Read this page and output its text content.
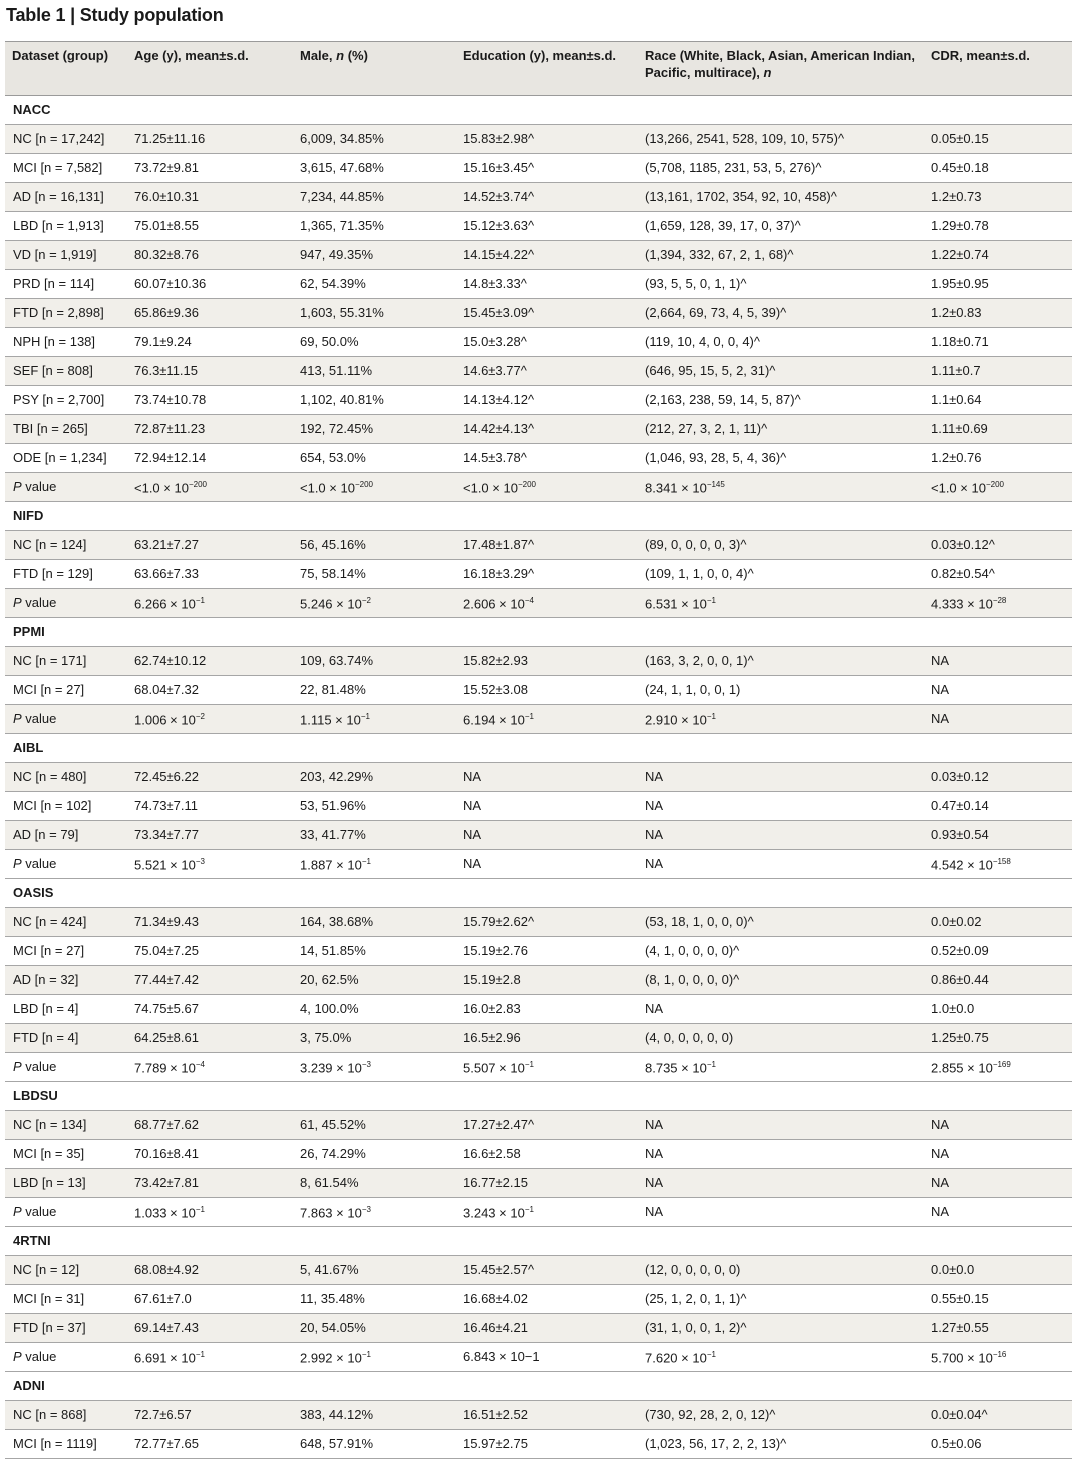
Table 1 | Study population
Dataset (group)	Age (y), mean±s.d.	Male, n (%)	Education (y), mean±s.d.	Race (White, Black, Asian, American Indian, Pacific, multirace), n	CDR, mean±s.d.
NACC					
NC [n = 17,242]	71.25±11.16	6,009, 34.85%	15.83±2.98^	(13,266, 2541, 528, 109, 10, 575)^	0.05±0.15
MCI [n = 7,582]	73.72±9.81	3,615, 47.68%	15.16±3.45^	(5,708, 1185, 231, 53, 5, 276)^	0.45±0.18
AD [n = 16,131]	76.0±10.31	7,234, 44.85%	14.52±3.74^	(13,161, 1702, 354, 92, 10, 458)^	1.2±0.73
LBD [n = 1,913]	75.01±8.55	1,365, 71.35%	15.12±3.63^	(1,659, 128, 39, 17, 0, 37)^	1.29±0.78
VD [n = 1,919]	80.32±8.76	947, 49.35%	14.15±4.22^	(1,394, 332, 67, 2, 1, 68)^	1.22±0.74
PRD [n = 114]	60.07±10.36	62, 54.39%	14.8±3.33^	(93, 5, 5, 0, 1, 1)^	1.95±0.95
FTD [n = 2,898]	65.86±9.36	1,603, 55.31%	15.45±3.09^	(2,664, 69, 73, 4, 5, 39)^	1.2±0.83
NPH [n = 138]	79.1±9.24	69, 50.0%	15.0±3.28^	(119, 10, 4, 0, 0, 4)^	1.18±0.71
SEF [n = 808]	76.3±11.15	413, 51.11%	14.6±3.77^	(646, 95, 15, 5, 2, 31)^	1.11±0.7
PSY [n = 2,700]	73.74±10.78	1,102, 40.81%	14.13±4.12^	(2,163, 238, 59, 14, 5, 87)^	1.1±0.64
TBI [n = 265]	72.87±11.23	192, 72.45%	14.42±4.13^	(212, 27, 3, 2, 1, 11)^	1.11±0.69
ODE [n = 1,234]	72.94±12.14	654, 53.0%	14.5±3.78^	(1,046, 93, 28, 5, 4, 36)^	1.2±0.76
P value	$<1.0 \times 10^{-200}$	$<1.0 \times 10^{-200}$	$<1.0 \times 10^{-200}$	$8.341 \times 10^{-145}$	$<1.0 \times 10^{-200}$
NIFD					
NC [n = 124]	63.21±7.27	56, 45.16%	17.48±1.87^	(89, 0, 0, 0, 0, 3)^	0.03±0.12^
FTD [n = 129]	63.66±7.33	75, 58.14%	16.18±3.29^	(109, 1, 1, 0, 0, 4)^	0.82±0.54^
P value	$6.266 \times 10^{-1}$	$5.246 \times 10^{-2}$	$2.606 \times 10^{-4}$	$6.531 \times 10^{-1}$	$4.333 \times 10^{-28}$
PPMI					
NC [n = 171]	62.74±10.12	109, 63.74%	15.82±2.93	(163, 3, 2, 0, 0, 1)^	NA
MCI [n = 27]	68.04±7.32	22, 81.48%	15.52±3.08	(24, 1, 1, 0, 0, 1)	NA
P value	$1.006 \times 10^{-2}$	$1.115 \times 10^{-1}$	$6.194 \times 10^{-1}$	$2.910 \times 10^{-1}$	NA
AIBL					
NC [n = 480]	72.45±6.22	203, 42.29%	NA	NA	0.03±0.12
MCI [n = 102]	74.73±7.11	53, 51.96%	NA	NA	0.47±0.14
AD [n = 79]	73.34±7.77	33, 41.77%	NA	NA	0.93±0.54
P value	$5.521 \times 10^{-3}$	$1.887 \times 10^{-1}$	NA	NA	$4.542 \times 10^{-158}$
OASIS					
NC [n = 424]	71.34±9.43	164, 38.68%	15.79±2.62^	(53, 18, 1, 0, 0, 0)^	0.0±0.02
MCI [n = 27]	75.04±7.25	14, 51.85%	15.19±2.76	(4, 1, 0, 0, 0, 0)^	0.52±0.09
AD [n = 32]	77.44±7.42	20, 62.5%	15.19±2.8	(8, 1, 0, 0, 0, 0)^	0.86±0.44
LBD [n = 4]	74.75±5.67	4, 100.0%	16.0±2.83	NA	1.0±0.0
FTD [n = 4]	64.25±8.61	3, 75.0%	16.5±2.96	(4, 0, 0, 0, 0, 0)	1.25±0.75
P value	$7.789 \times 10^{-4}$	$3.239 \times 10^{-3}$	$5.507 \times 10^{-1}$	$8.735 \times 10^{-1}$	$2.855 \times 10^{-169}$
LBDSU					
NC [n = 134]	68.77±7.62	61, 45.52%	17.27±2.47^	NA	NA
MCI [n = 35]	70.16±8.41	26, 74.29%	16.6±2.58	NA	NA
LBD [n = 13]	73.42±7.81	8, 61.54%	16.77±2.15	NA	NA
P value	$1.033 \times 10^{-1}$	$7.863 \times 10^{-3}$	$3.243 \times 10^{-1}$	NA	NA
4RTNI					
NC [n = 12]	68.08±4.92	5, 41.67%	15.45±2.57^	(12, 0, 0, 0, 0, 0)	0.0±0.0
MCI [n = 31]	67.61±7.0	11, 35.48%	16.68±4.02	(25, 1, 2, 0, 1, 1)^	0.55±0.15
FTD [n = 37]	69.14±7.43	20, 54.05%	16.46±4.21	(31, 1, 0, 0, 1, 2)^	1.27±0.55
P value	$6.691 \times 10^{-1}$	$2.992 \times 10^{-1}$	6.843 × 10−1	$7.620 \times 10^{-1}$	$5.700 \times 10^{-16}$
ADNI					
NC [n = 868]	72.7±6.57	383, 44.12%	16.51±2.52	(730, 92, 28, 2, 0, 12)^	0.0±0.04^
MCI [n = 1119]	72.77±7.65	648, 57.91%	15.97±2.75	(1,023, 56, 17, 2, 2, 13)^	0.5±0.06
